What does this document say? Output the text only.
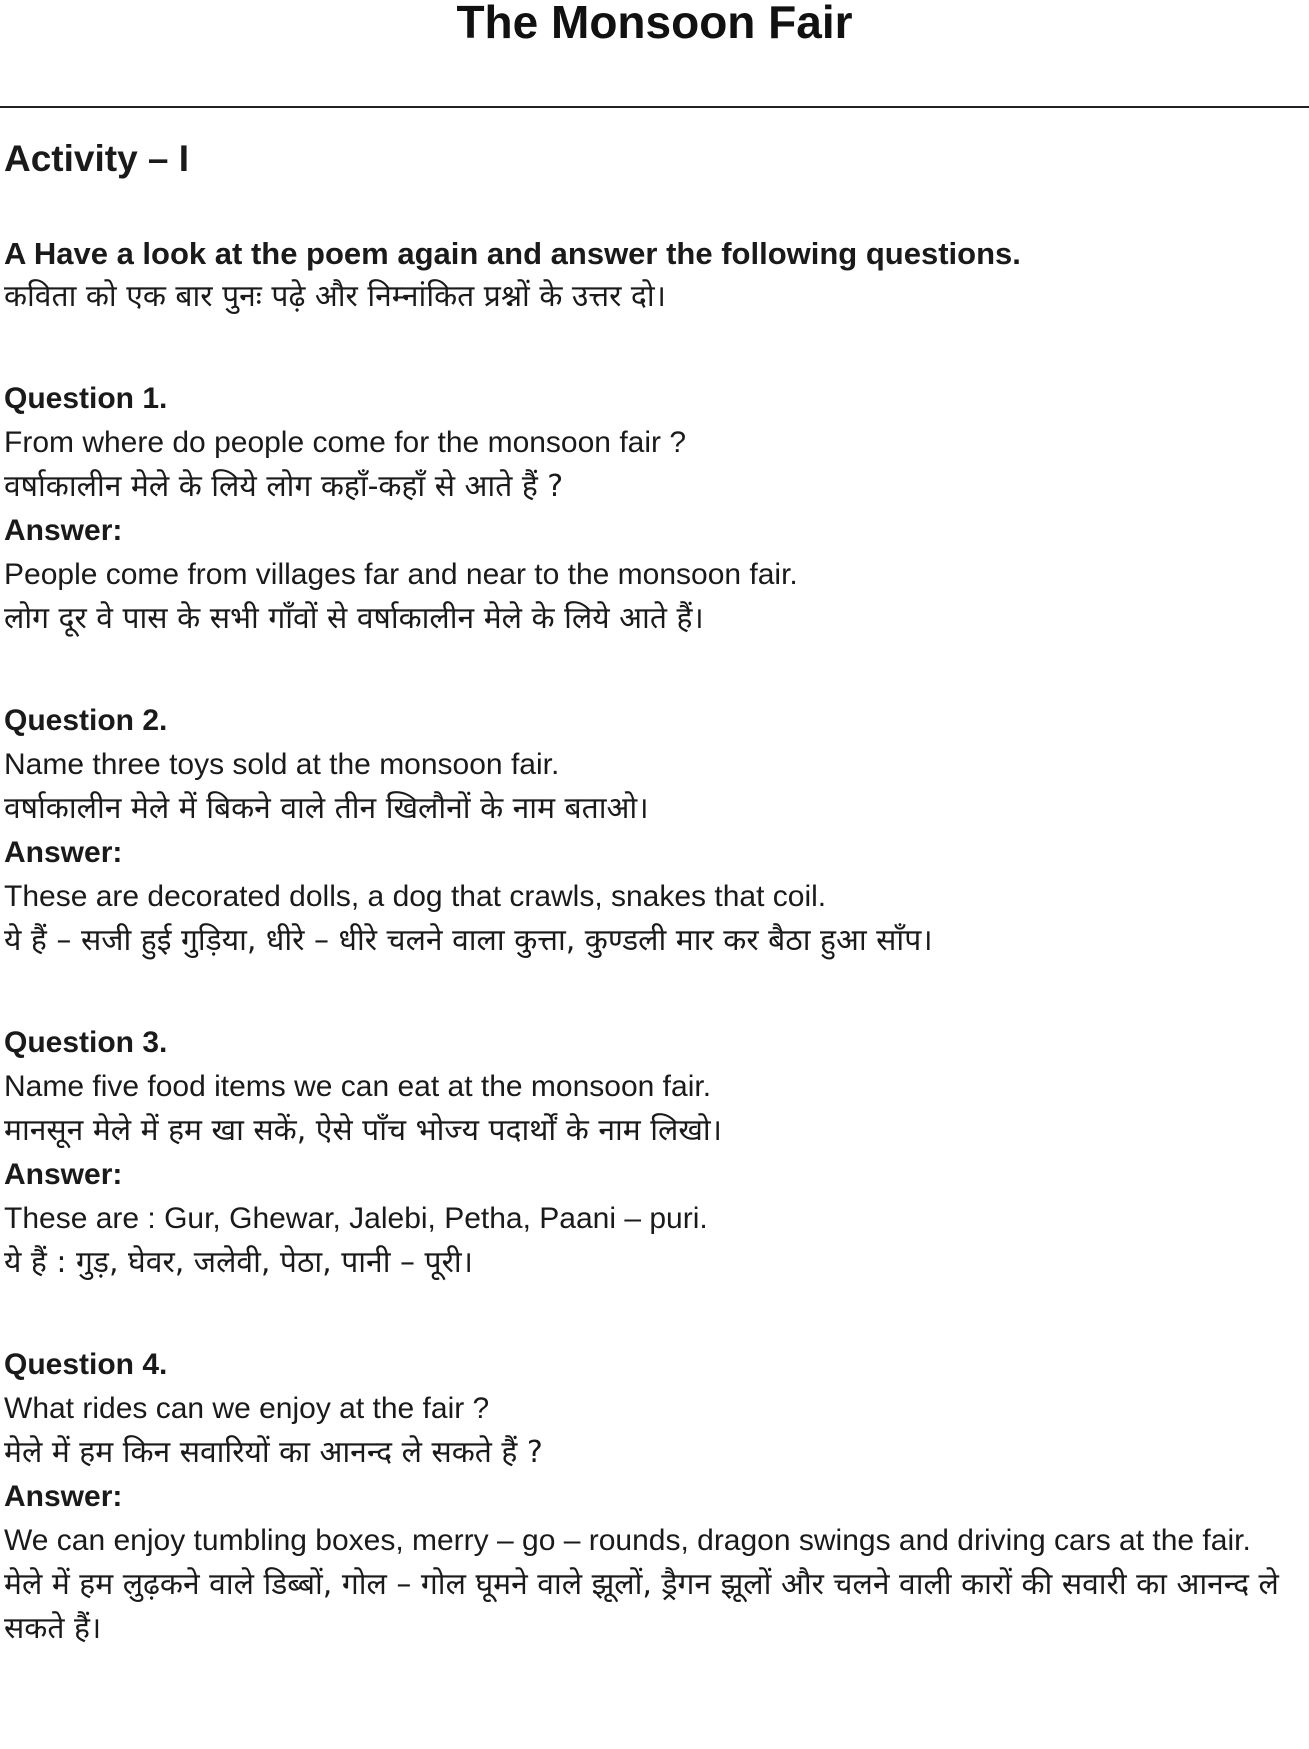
The Monsoon Fair
Activity – I
A Have a look at the poem again and answer the following questions.
कविता को एक बार पुनः पढ़े और निम्नांकित प्रश्नों के उत्तर दो।
Question 1.
From where do people come for the monsoon fair ?
वर्षाकालीन मेले के लिये लोग कहाँ-कहाँ से आते हैं ?
Answer:
People come from villages far and near to the monsoon fair.
लोग दूर वे पास के सभी गाँवों से वर्षाकालीन मेले के लिये आते हैं।
Question 2.
Name three toys sold at the monsoon fair.
वर्षाकालीन मेले में बिकने वाले तीन खिलौनों के नाम बताओ।
Answer:
These are decorated dolls, a dog that crawls, snakes that coil.
ये हैं – सजी हुई गुड़िया, धीरे – धीरे चलने वाला कुत्ता, कुण्डली मार कर बैठा हुआ साँप।
Question 3.
Name five food items we can eat at the monsoon fair.
मानसून मेले में हम खा सकें, ऐसे पाँच भोज्य पदार्थों के नाम लिखो।
Answer:
These are : Gur, Ghewar, Jalebi, Petha, Paani – puri.
ये हैं : गुड़, घेवर, जलेवी, पेठा, पानी – पूरी।
Question 4.
What rides can we enjoy at the fair ?
मेले में हम किन सवारियों का आनन्द ले सकते हैं ?
Answer:
We can enjoy tumbling boxes, merry – go – rounds, dragon swings and driving cars at the fair.
मेले में हम लुढ़कने वाले डिब्बों, गोल – गोल घूमने वाले झूलों, ड्रैगन झूलों और चलने वाली कारों की सवारी का आनन्द ले सकते हैं।
